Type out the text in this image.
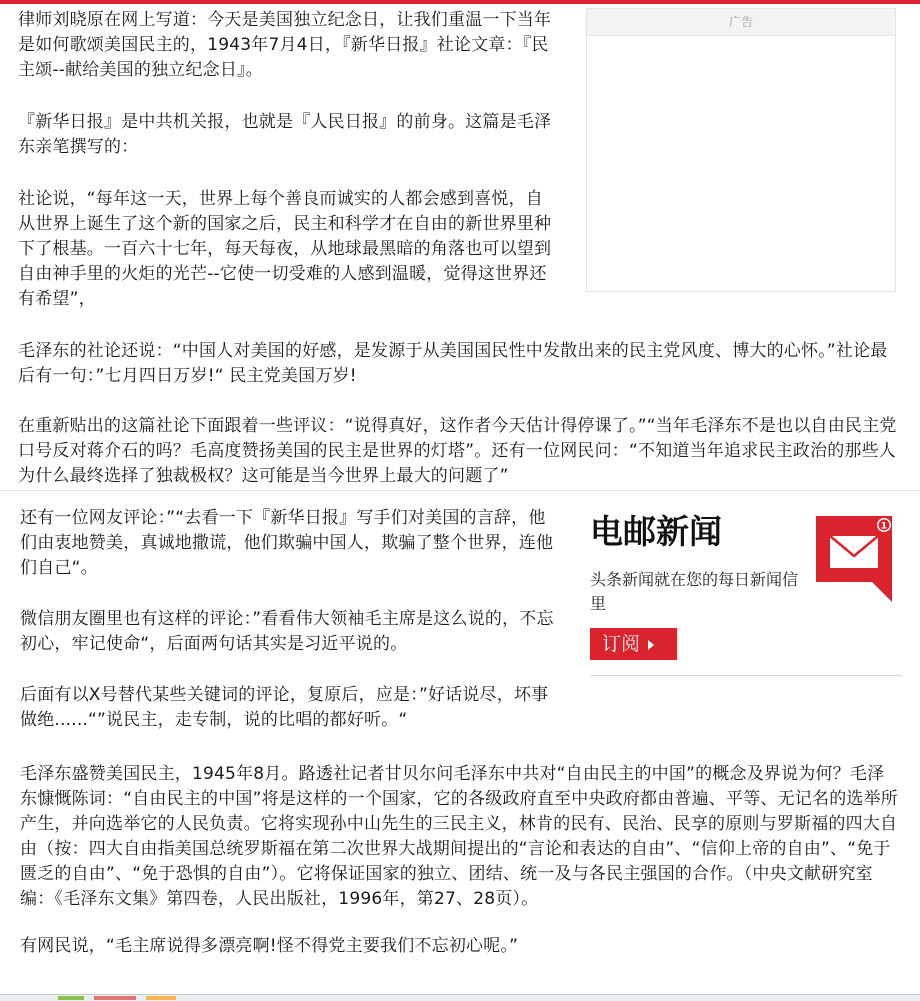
律师刘晓原在网上写道：今天是美国独立纪念日，让我们重温一下当年是如何歌颂美国民主的，1943年7月4日，『新华日报』社论文章：『民主颂--献给美国的独立纪念日』。

『新华日报』是中共机关报，也就是『人民日报』的前身。这篇是毛泽东亲笔撰写的：

社论说，“每年这一天，世界上每个善良而诚实的人都会感到喜悦，自从世界上诞生了这个新的国家之后，民主和科学才在自由的新世界里种下了根基。一百六十七年，每天每夜，从地球最黑暗的角落也可以望到自由神手里的火炬的光芒--它使一切受难的人感到温暖，觉得这世界还有希望”，

广告

毛泽东的社论还说：“中国人对美国的好感，是发源于从美国国民性中发散出来的民主党风度、博大的心怀。”社论最后有一句：”七月四日万岁!“ 民主党美国万岁!

在重新贴出的这篇社论下面跟着一些评议：“说得真好，这作者今天估计得停课了。”“当年毛泽东不是也以自由民主党口号反对蒋介石的吗？毛高度赞扬美国的民主是世界的灯塔”。还有一位网民问：“不知道当年追求民主政治的那些人为什么最终选择了独裁极权？这可能是当今世界上最大的问题了”

还有一位网友评论：”“去看一下『新华日报』写手们对美国的言辞，他们由衷地赞美，真诚地撒谎，他们欺骗中国人，欺骗了整个世界，连他们自己“。

微信朋友圈里也有这样的评论：”看看伟大领袖毛主席是这么说的，不忘初心，牢记使命“，后面两句话其实是习近平说的。

后面有以X号替代某些关键词的评论，复原后，应是：”好话说尽，坏事做绝......“”说民主，走专制，说的比唱的都好听。“

电邮新闻
头条新闻就在您的每日新闻信里
订阅
1

毛泽东盛赞美国民主，1945年8月。路透社记者甘贝尔问毛泽东中共对“自由民主的中国”的概念及界说为何？毛泽东慷慨陈词：“自由民主的中国”将是这样的一个国家，它的各级政府直至中央政府都由普遍、平等、无记名的选举所产生，并向选举它的人民负责。它将实现孙中山先生的三民主义，林肯的民有、民治、民享的原则与罗斯福的四大自由（按：四大自由指美国总统罗斯福在第二次世界大战期间提出的“言论和表达的自由”、“信仰上帝的自由”、“免于匮乏的自由”、“免于恐惧的自由”）。它将保证国家的独立、团结、统一及与各民主强国的合作。（中央文献研究室编：《毛泽东文集》第四卷，人民出版社，1996年，第27、28页）。

有网民说，“毛主席说得多漂亮啊!怪不得党主要我们不忘初心呢。”
